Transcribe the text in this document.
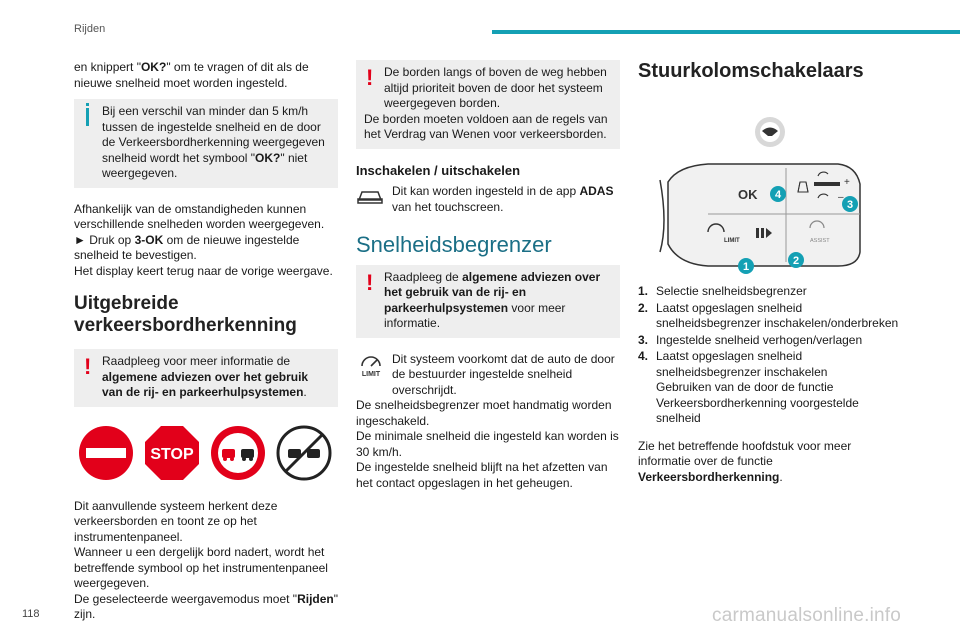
Rijden

en knippert "OK?" om te vragen of dit als de nieuwe snelheid moet worden ingesteld.

Bij een verschil van minder dan 5 km/h tussen de ingestelde snelheid en de door de Verkeersbordherkenning weergegeven snelheid wordt het symbool "OK?" niet weergegeven.

Afhankelijk van de omstandigheden kunnen verschillende snelheden worden weergegeven.

► Druk op 3-OK om de nieuwe ingestelde snelheid te bevestigen.

Het display keert terug naar de vorige weergave.

Uitgebreide verkeersbordherkenning
! Raadpleeg voor meer informatie de algemene adviezen over het gebruik van de rij- en parkeerhulpsystemen.
STOP

Dit aanvullende systeem herkent deze verkeersborden en toont ze op het instrumentenpaneel.

Wanneer u een dergelijk bord nadert, wordt het betreffende symbool op het instrumentenpaneel weergegeven.

De geselecteerde weergavemodus moet "Rijden" zijn.

! De borden langs of boven de weg hebben altijd prioriteit boven de door het systeem weergegeven borden.
De borden moeten voldoen aan de regels van het Verdrag van Wenen voor verkeersborden.
Inschakelen / uitschakelen
Dit kan worden ingesteld in de app ADAS van het touchscreen.
Snelheidsbegrenzer
! Raadpleeg de algemene adviezen over het gebruik van de rij- en parkeerhulpsystemen voor meer informatie.
LIMIT
Dit systeem voorkomt dat de auto de door de bestuurder ingestelde snelheid overschrijdt.

De snelheidsbegrenzer moet handmatig worden ingeschakeld.

De minimale snelheid die ingesteld kan worden is 30 km/h.

De ingestelde snelheid blijft na het afzetten van het contact opgeslagen in het geheugen.

Stuurkolomschakelaars
OK
+
–
LIMIT	ASSIST
4
3
2
1
1. Selectie snelheidsbegrenzer
2. Laatst opgeslagen snelheid snelheidsbegrenzer inschakelen/onderbreken
3. Ingestelde snelheid verhogen/verlagen
4. Laatst opgeslagen snelheid snelheidsbegrenzer inschakelen
Gebruiken van de door de functie Verkeersbordherkenning voorgestelde snelheid

Zie het betreffende hoofdstuk voor meer informatie over de functie Verkeersbordherkenning.

118	carmanualsonline.info
